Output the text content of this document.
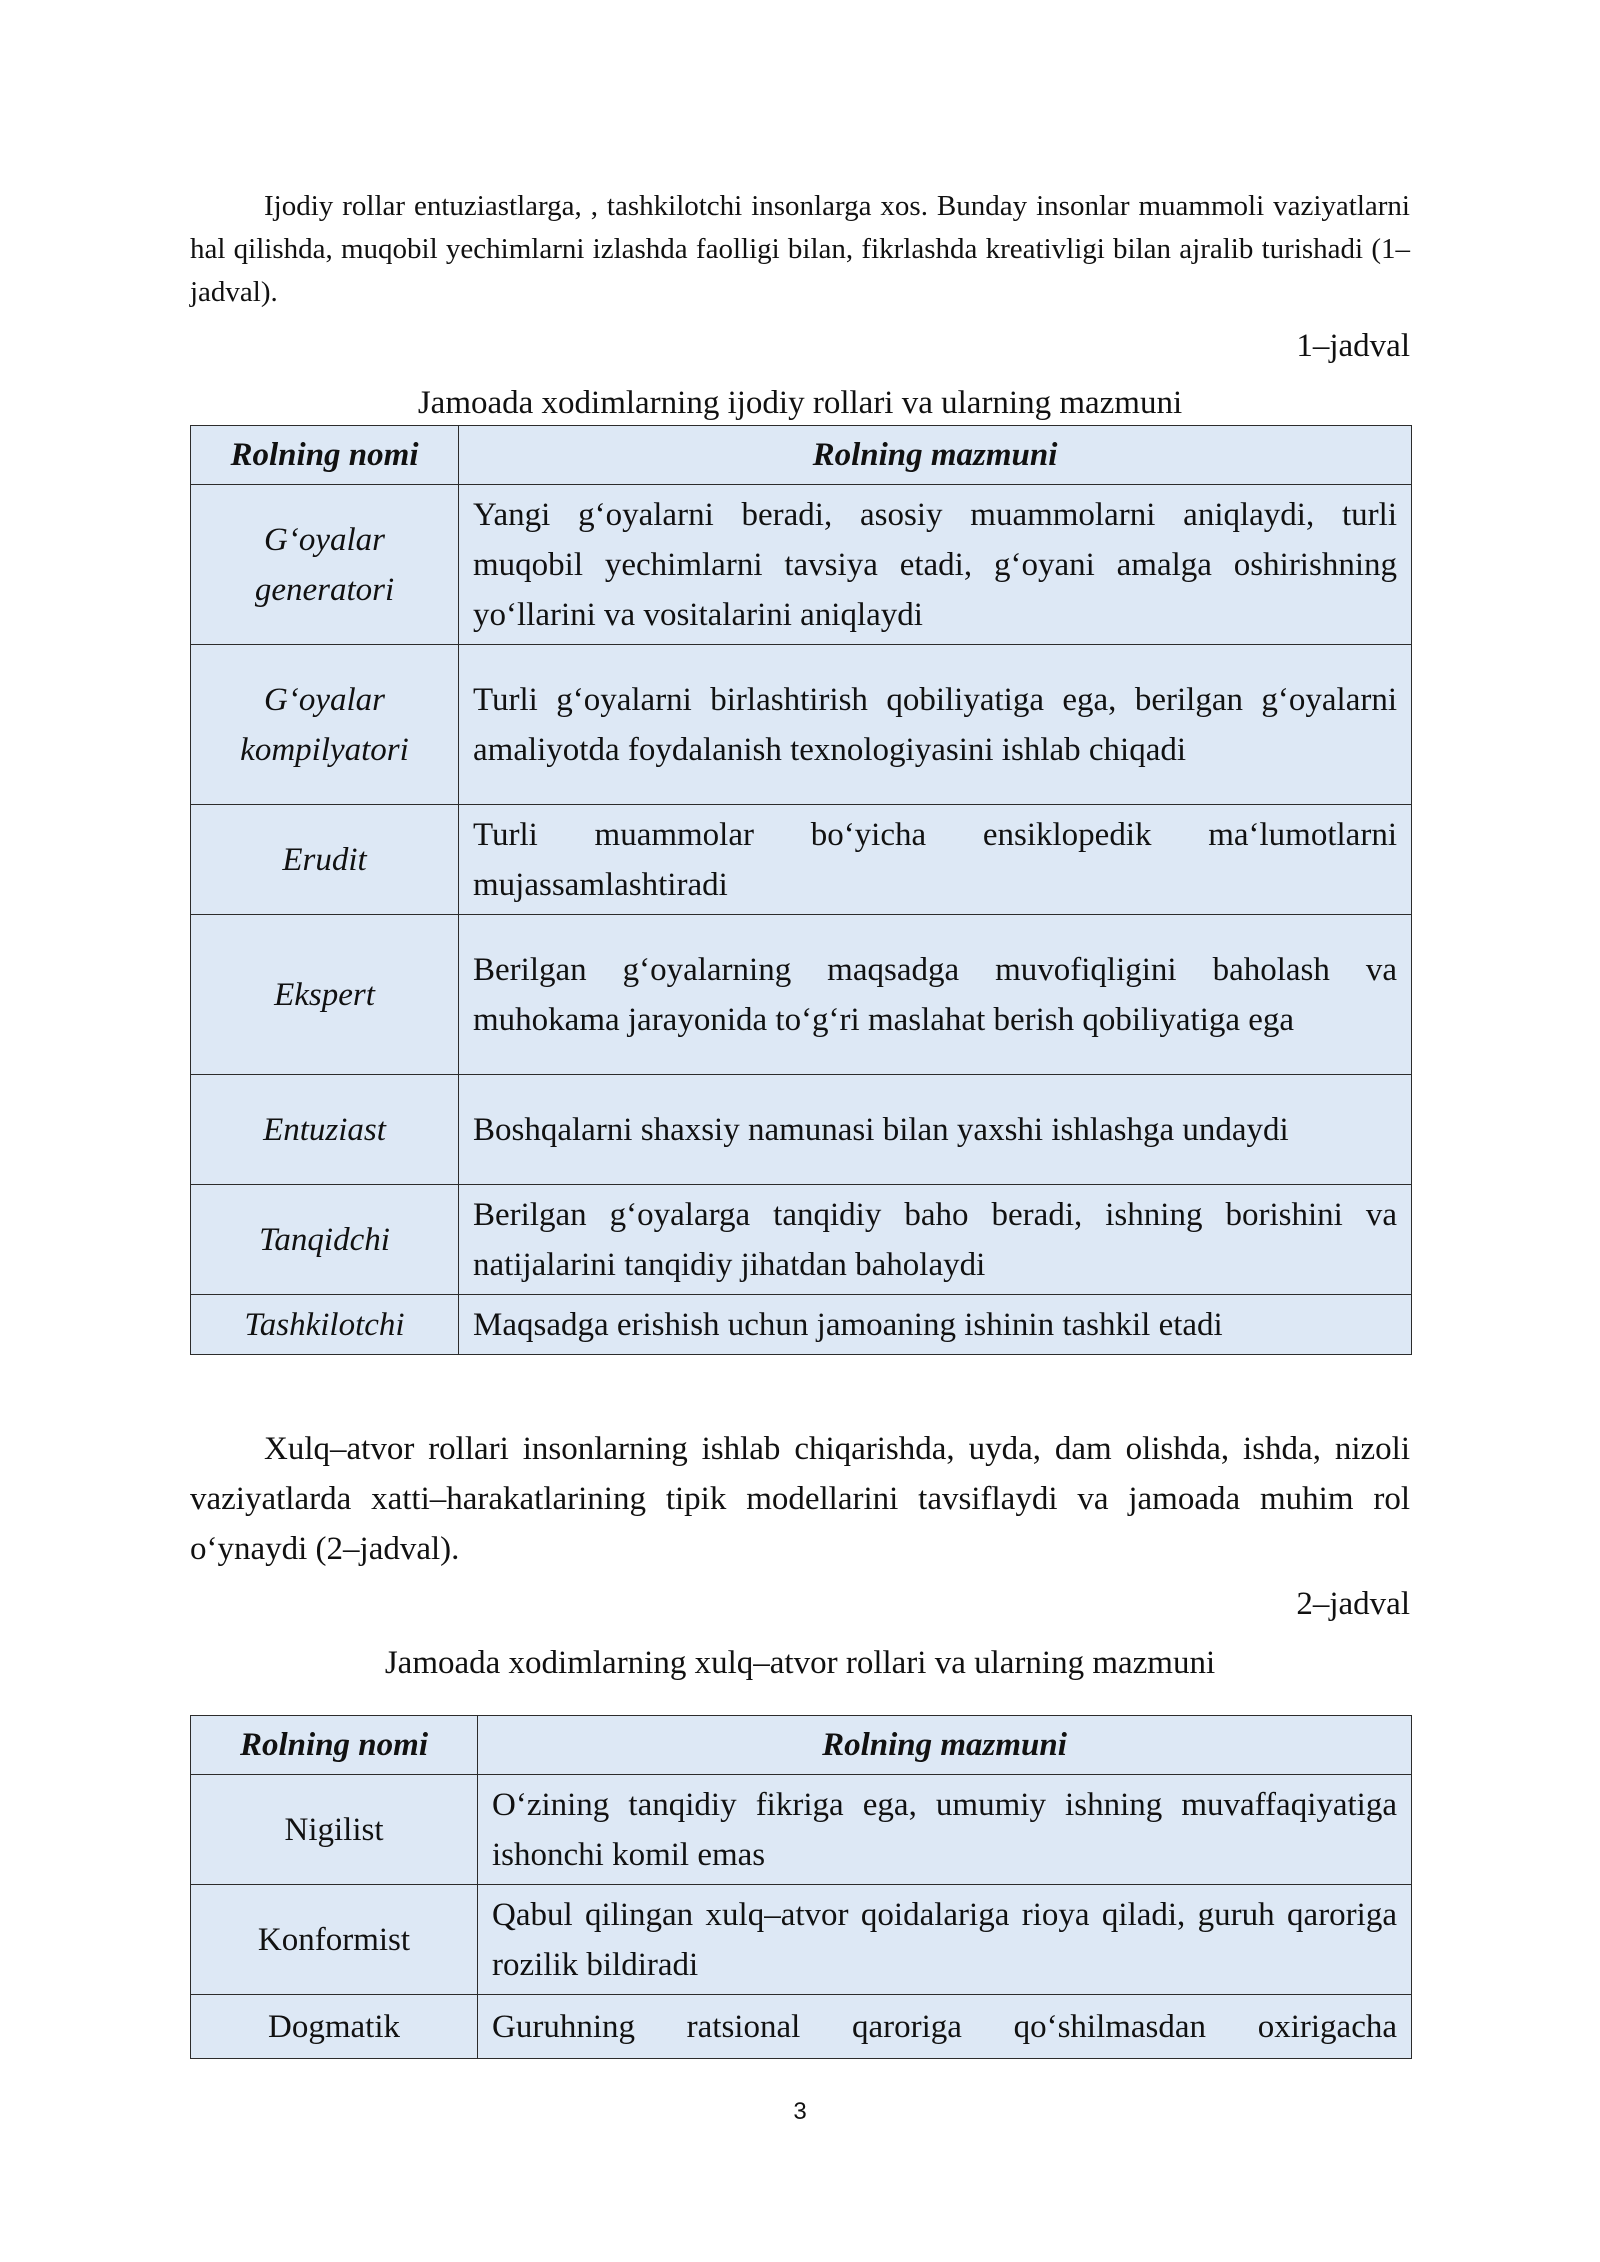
Ijodiy rollar entuziastlarga, , tashkilotchi insonlarga xos. Bunday insonlar muammoli vaziyatlarni hal qilishda, muqobil yechimlarni izlashda faolligi bilan, fikrlashda kreativligi bilan ajralib turishadi (1–jadval).

1–jadval

Jamoada xodimlarning ijodiy rollari va ularning mazmuni

Rolning nomi	Rolning mazmuni
G‘oyalar generatori	Yangi g‘oyalarni beradi, asosiy muammolarni aniqlaydi, turli muqobil yechimlarni tavsiya etadi, g‘oyani amalga oshirishning yo‘llarini va vositalarini aniqlaydi
G‘oyalar kompilyatori	Turli g‘oyalarni birlashtirish qobiliyatiga ega, berilgan g‘oyalarni amaliyotda foydalanish texnologiyasini ishlab chiqadi
Erudit	Turli muammolar bo‘yicha ensiklopedik ma‘lumotlarni mujassamlashtiradi
Ekspert	Berilgan g‘oyalarning maqsadga muvofiqligini baholash va muhokama jarayonida to‘g‘ri maslahat berish qobiliyatiga ega
Entuziast	Boshqalarni shaxsiy namunasi bilan yaxshi ishlashga undaydi
Tanqidchi	Berilgan g‘oyalarga tanqidiy baho beradi, ishning borishini va natijalarini tanqidiy jihatdan baholaydi
Tashkilotchi	Maqsadga erishish uchun jamoaning ishinin tashkil etadi

Xulq–atvor rollari insonlarning ishlab chiqarishda, uyda, dam olishda, ishda, nizoli vaziyatlarda xatti–harakatlarining tipik modellarini tavsiflaydi va jamoada muhim rol o‘ynaydi (2–jadval).

2–jadval

Jamoada xodimlarning xulq–atvor rollari va ularning mazmuni

Rolning nomi	Rolning mazmuni
Nigilist	O‘zining tanqidiy fikriga ega, umumiy ishning muvaffaqiyatiga ishonchi komil emas
Konformist	Qabul qilingan xulq–atvor qoidalariga rioya qiladi, guruh qaroriga rozilik bildiradi
Dogmatik	Guruhning ratsional qaroriga qo‘shilmasdan oxirigacha
3
